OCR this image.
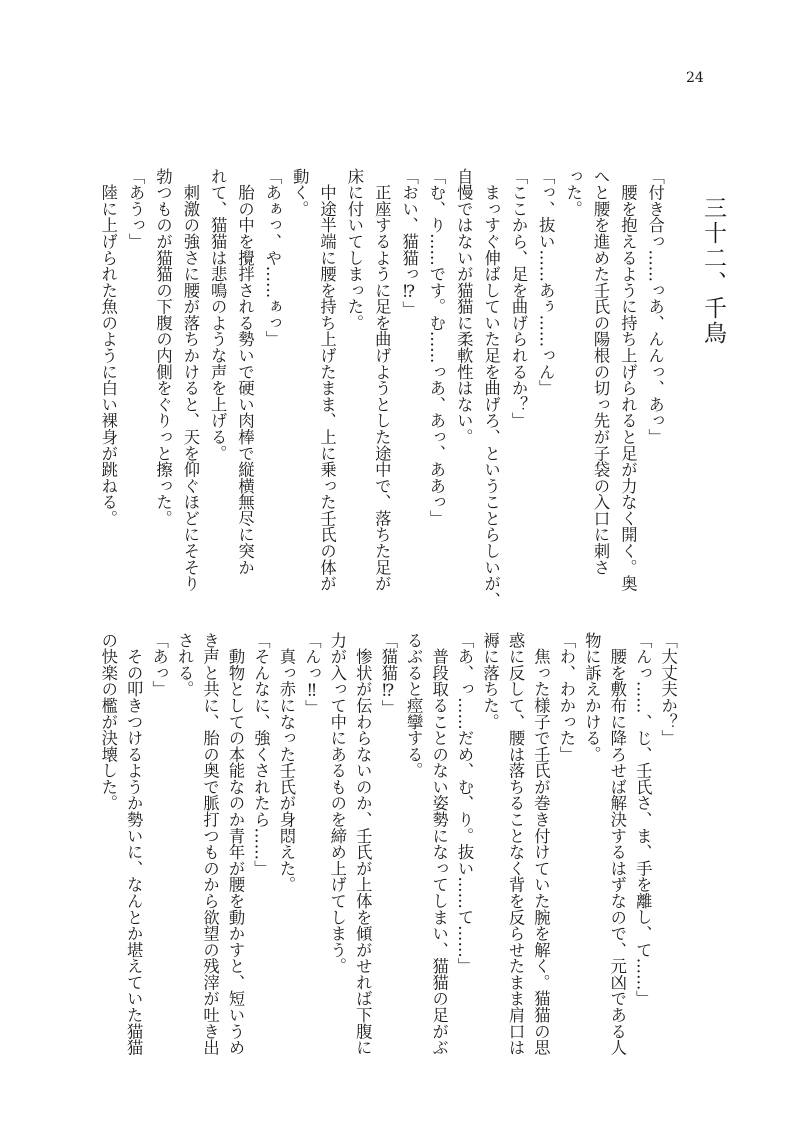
24
三十二、千鳥
「付き合っ……っあ、んんっ、あっ」
　腰を抱えるように持ち上げられると足が力なく開く。奥
へと腰を進めた壬氏の陽根の切っ先が子袋の入口に刺さ
った。
「っ、抜い……あぅ……っん」
「ここから、足を曲げられるか？」
　まっすぐ伸ばしていた足を曲げろ、ということらしいが、
自慢ではないが猫猫に柔軟性はない。
「む、り……です。む……っあ、あっ、ああっ」
「おい、猫猫っ⁉」
　正座するように足を曲げようとした途中で、落ちた足が
床に付いてしまった。
　中途半端に腰を持ち上げたまま、上に乗った壬氏の体が
動く。
「あぁっ、や……ぁっ」
　胎の中を攪拌される勢いで硬い肉棒で縦横無尽に突か
れて、猫猫は悲鳴のような声を上げる。
　刺激の強さに腰が落ちかけると、天を仰ぐほどにそそり
勃つものが猫猫の下腹の内側をぐりっと擦った。
「あうっ」
　陸に上げられた魚のように白い裸身が跳ねる。
「大丈夫か？」
「んっ……、じ、壬氏さ、ま、手を離し、て……」
　腰を敷布に降ろせば解決するはずなので、元凶である人
物に訴えかける。
「わ、わかった」
　焦った様子で壬氏が巻き付けていた腕を解く。猫猫の思
惑に反して、腰は落ちることなく背を反らせたまま肩口は
褥に落ちた。
「あ、っ……だめ、む、り。抜い……て……」
　普段取ることのない姿勢になってしまい、猫猫の足がぶ
るぶると痙攣する。
「猫猫⁉」
　惨状が伝わらないのか、壬氏が上体を傾がせれば下腹に
力が入って中にあるものを締め上げてしまう。
「んっ‼」
　真っ赤になった壬氏が身悶えた。
「そんなに、強くされたら……」
　動物としての本能なのか青年が腰を動かすと、短いうめ
き声と共に、胎の奥で脈打つものから欲望の残滓が吐き出
される。
「あっ」
　その叩きつけるようか勢いに、なんとか堪えていた猫猫
の快楽の檻が決壊した。
